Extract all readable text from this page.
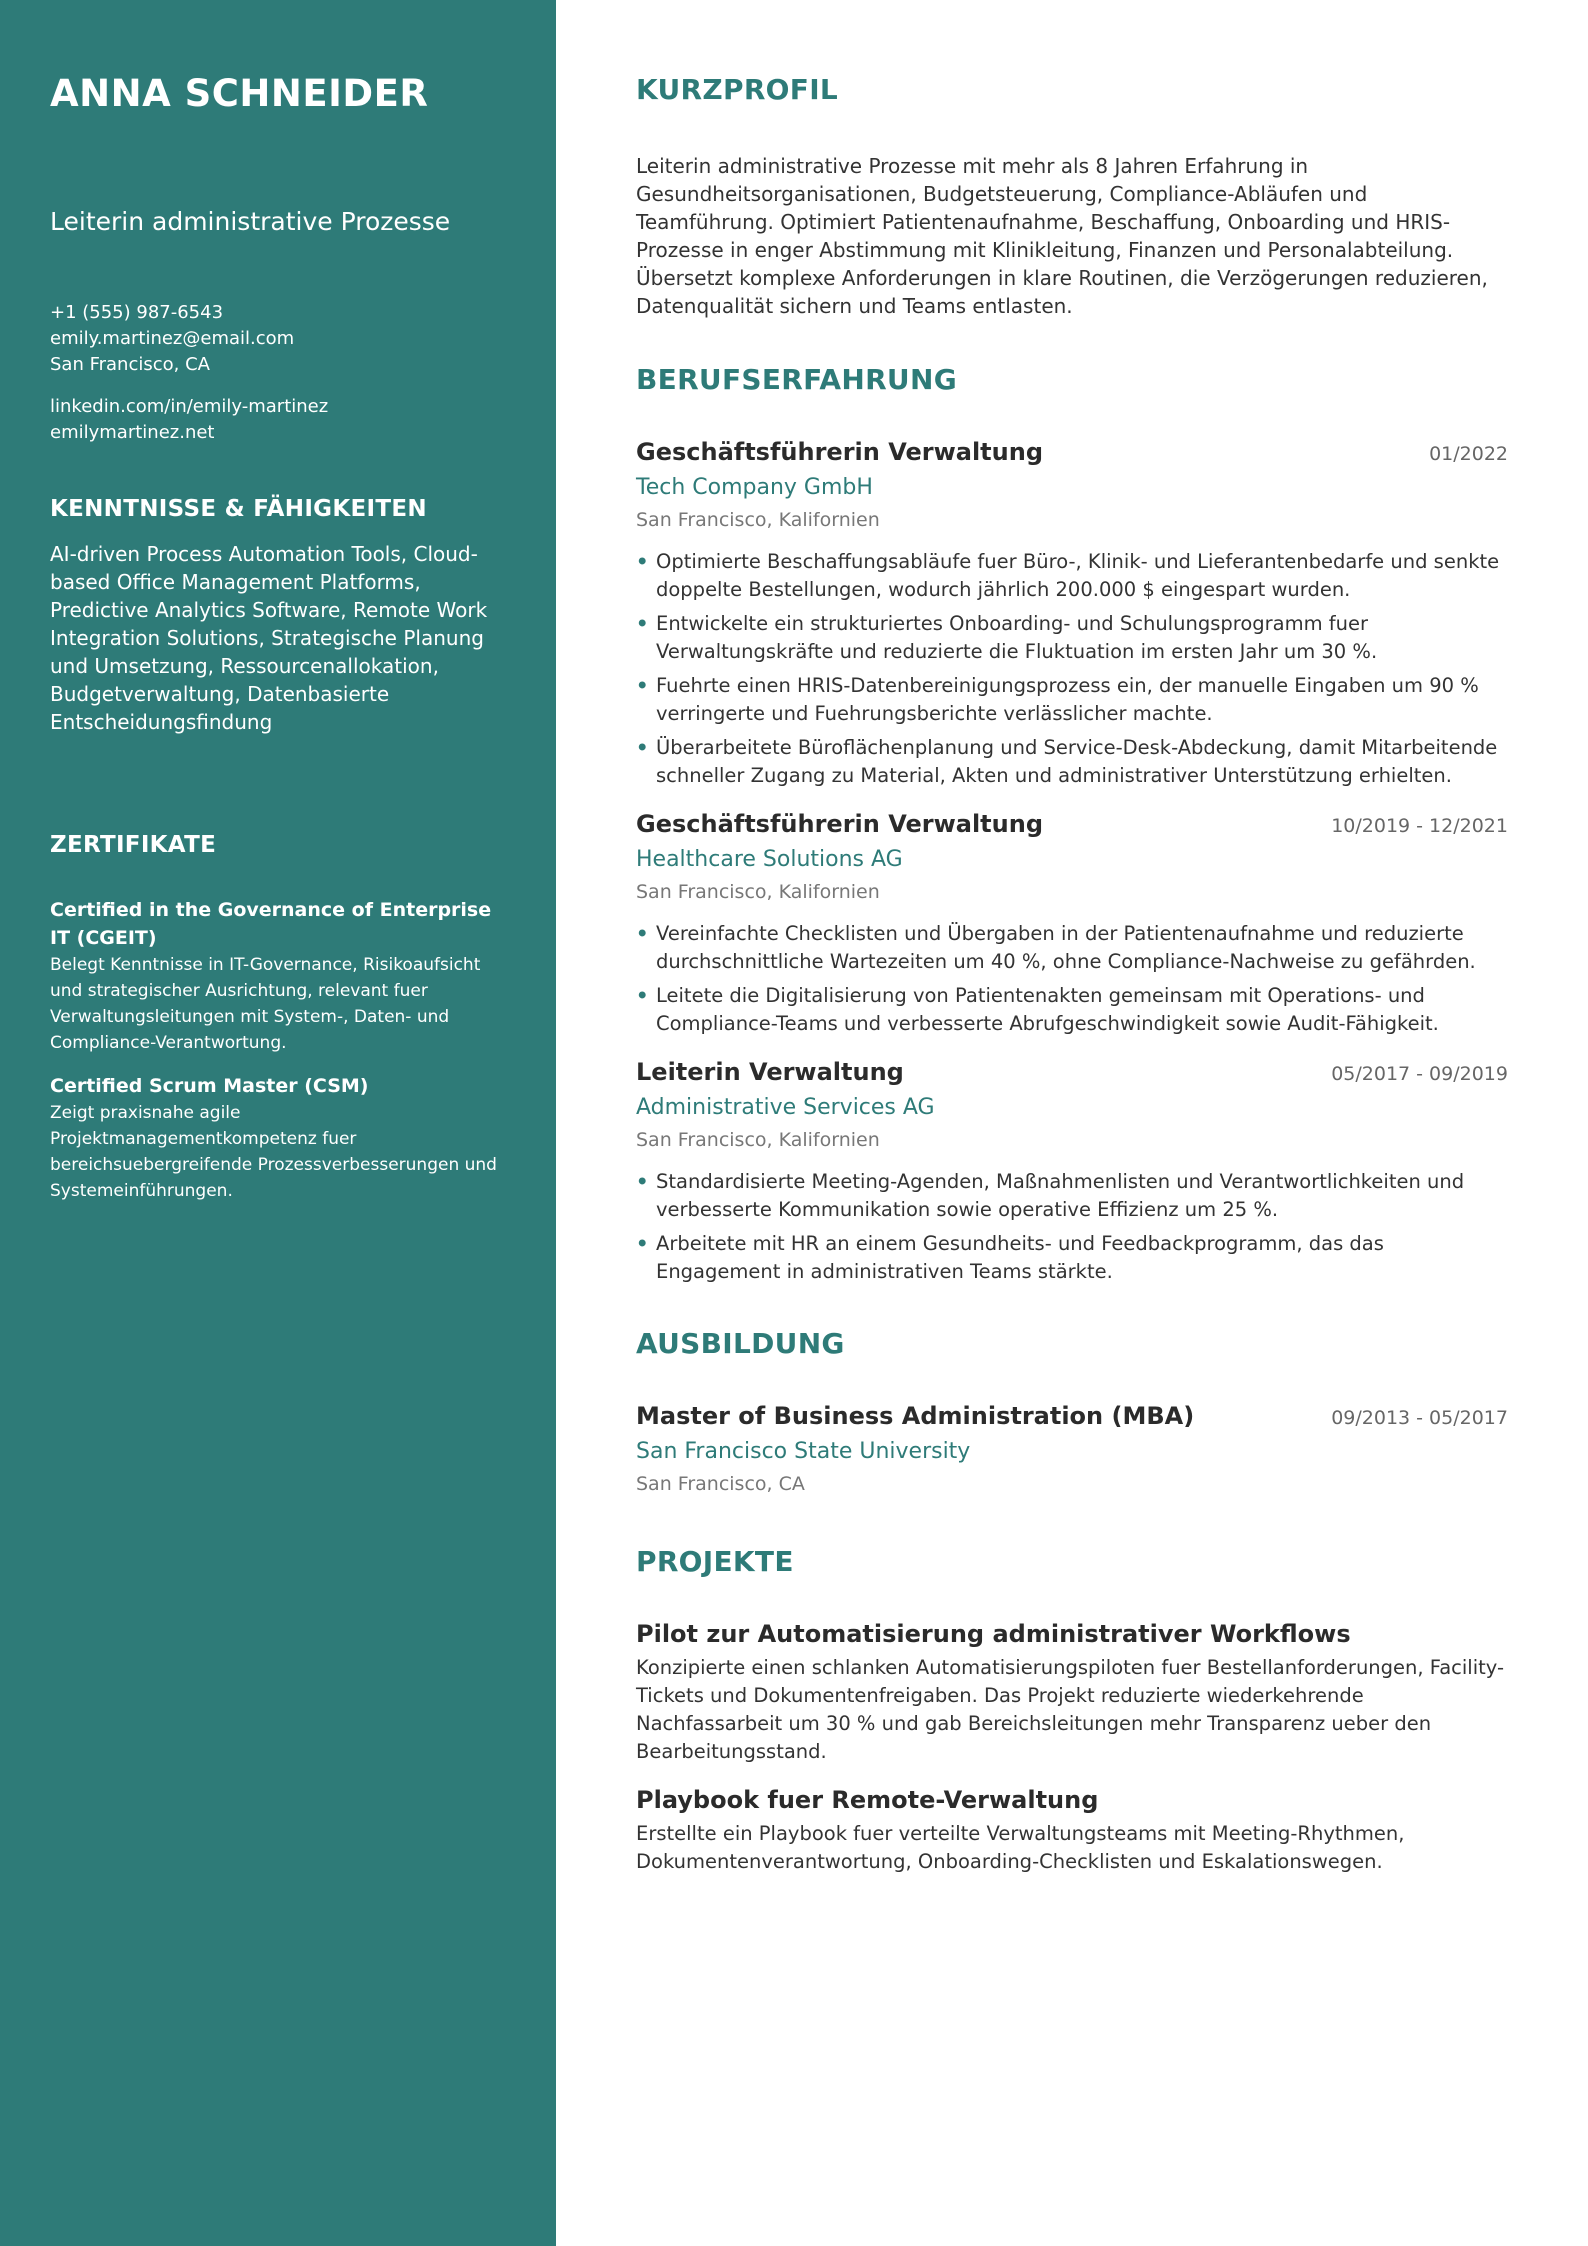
ANNA SCHNEIDER
Leiterin administrative Prozesse
+1 (555) 987-6543
emily.martinez@email.com
San Francisco, CA
linkedin.com/in/emily-martinez
emilymartinez.net
KENNTNISSE & FÄHIGKEITEN
AI-driven Process Automation Tools, Cloud-based Office Management Platforms, Predictive Analytics Software, Remote Work Integration Solutions, Strategische Planung und Umsetzung, Ressourcenallokation, Budgetverwaltung, Datenbasierte Entscheidungsfindung
ZERTIFIKATE
Certified in the Governance of Enterprise IT (CGEIT)
Belegt Kenntnisse in IT-Governance, Risikoaufsicht und strategischer Ausrichtung, relevant fuer Verwaltungsleitungen mit System-, Daten- und Compliance-Verantwortung.
Certified Scrum Master (CSM)
Zeigt praxisnahe agile Projektmanagementkompetenz fuer bereichsuebergreifende Prozessverbesserungen und Systemeinführungen.
KURZPROFIL
Leiterin administrative Prozesse mit mehr als 8 Jahren Erfahrung in Gesundheitsorganisationen, Budgetsteuerung, Compliance-Abläufen und Teamführung. Optimiert Patientenaufnahme, Beschaffung, Onboarding und HRIS-Prozesse in enger Abstimmung mit Klinikleitung, Finanzen und Personalabteilung. Übersetzt komplexe Anforderungen in klare Routinen, die Verzögerungen reduzieren, Datenqualität sichern und Teams entlasten.
BERUFSERFAHRUNG
Geschäftsführerin Verwaltung	01/2022
Tech Company GmbH
San Francisco, Kalifornien
• Optimierte Beschaffungsabläufe fuer Büro-, Klinik- und Lieferantenbedarfe und senkte doppelte Bestellungen, wodurch jährlich 200.000 $ eingespart wurden.
• Entwickelte ein strukturiertes Onboarding- und Schulungsprogramm fuer Verwaltungskräfte und reduzierte die Fluktuation im ersten Jahr um 30 %.
• Fuehrte einen HRIS-Datenbereinigungsprozess ein, der manuelle Eingaben um 90 % verringerte und Fuehrungsberichte verlässlicher machte.
• Überarbeitete Büroflächenplanung und Service-Desk-Abdeckung, damit Mitarbeitende schneller Zugang zu Material, Akten und administrativer Unterstützung erhielten.
Geschäftsführerin Verwaltung	10/2019 - 12/2021
Healthcare Solutions AG
San Francisco, Kalifornien
• Vereinfachte Checklisten und Übergaben in der Patientenaufnahme und reduzierte durchschnittliche Wartezeiten um 40 %, ohne Compliance-Nachweise zu gefährden.
• Leitete die Digitalisierung von Patientenakten gemeinsam mit Operations- und Compliance-Teams und verbesserte Abrufgeschwindigkeit sowie Audit-Fähigkeit.
Leiterin Verwaltung	05/2017 - 09/2019
Administrative Services AG
San Francisco, Kalifornien
• Standardisierte Meeting-Agenden, Maßnahmenlisten und Verantwortlichkeiten und verbesserte Kommunikation sowie operative Effizienz um 25 %.
• Arbeitete mit HR an einem Gesundheits- und Feedbackprogramm, das das Engagement in administrativen Teams stärkte.
AUSBILDUNG
Master of Business Administration (MBA)	09/2013 - 05/2017
San Francisco State University
San Francisco, CA
PROJEKTE
Pilot zur Automatisierung administrativer Workflows
Konzipierte einen schlanken Automatisierungspiloten fuer Bestellanforderungen, Facility-Tickets und Dokumentenfreigaben. Das Projekt reduzierte wiederkehrende Nachfassarbeit um 30 % und gab Bereichsleitungen mehr Transparenz ueber den Bearbeitungsstand.
Playbook fuer Remote-Verwaltung
Erstellte ein Playbook fuer verteilte Verwaltungsteams mit Meeting-Rhythmen, Dokumentenverantwortung, Onboarding-Checklisten und Eskalationswegen.
